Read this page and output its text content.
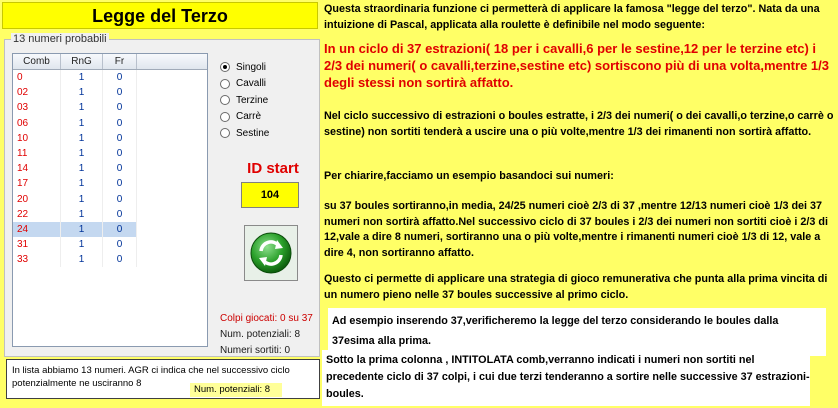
Legge del Terzo
13 numeri probabili
Comb	RnG	Fr
0	1	0
02	1	0
03	1	0
06	1	0
10	1	0
11	1	0
14	1	0
17	1	0
20	1	0
22	1	0
24	1	0
31	1	0
33	1	0
Singoli
Cavalli
Terzine
Carrè
Sestine
ID start
104
Colpi giocati: 0 su 37
Num. potenziali: 8
Numeri sortiti: 0
In lista abbiamo 13 numeri. AGR ci indica che nel successivo ciclo potenzialmente ne usciranno 8
Num. potenziali: 8

Questa straordinaria funzione ci permetterà di applicare la famosa "legge del terzo". Nata da una intuizione di Pascal, applicata alla roulette è definibile nel modo seguente:

In un ciclo di 37 estrazioni( 18 per i cavalli,6 per le sestine,12 per le terzine etc) i 2/3 dei numeri( o cavalli,terzine,sestine etc) sortiscono più di una volta,mentre 1/3 degli stessi non sortirà affatto.

Nel ciclo successivo di estrazioni o boules estratte, i 2/3 dei numeri( o dei cavalli,o terzine,o carrè o sestine) non sortiti tenderà a uscire una o più volte,mentre 1/3 dei rimanenti non sortirà affatto.

Per chiarire,facciamo un esempio basandoci sui numeri:

su 37 boules sortiranno,in media, 24/25 numeri cioè 2/3 di 37 ,mentre 12/13 numeri cioè 1/3 dei 37 numeri non sortirà affatto.Nel successivo ciclo di 37 boules i 2/3 dei numeri non sortiti cioè i 2/3 di 12,vale a dire 8 numeri, sortiranno una o più volte,mentre i rimanenti numeri cioè 1/3 di 12, vale a dire 4, non sortiranno affatto.

Questo ci permette di applicare una strategia di gioco remunerativa che punta alla prima vincita di un numero pieno nelle 37 boules successive al primo ciclo.

Ad esempio inserendo 37,verificheremo la legge del terzo considerando le boules dalla 37esima alla prima.
Sotto la prima colonna , INTITOLATA comb,verranno indicati i numeri non sortiti nel precedente ciclo di 37 colpi, i cui due terzi tenderanno a sortire nelle successive 37 estrazioni-boules.
